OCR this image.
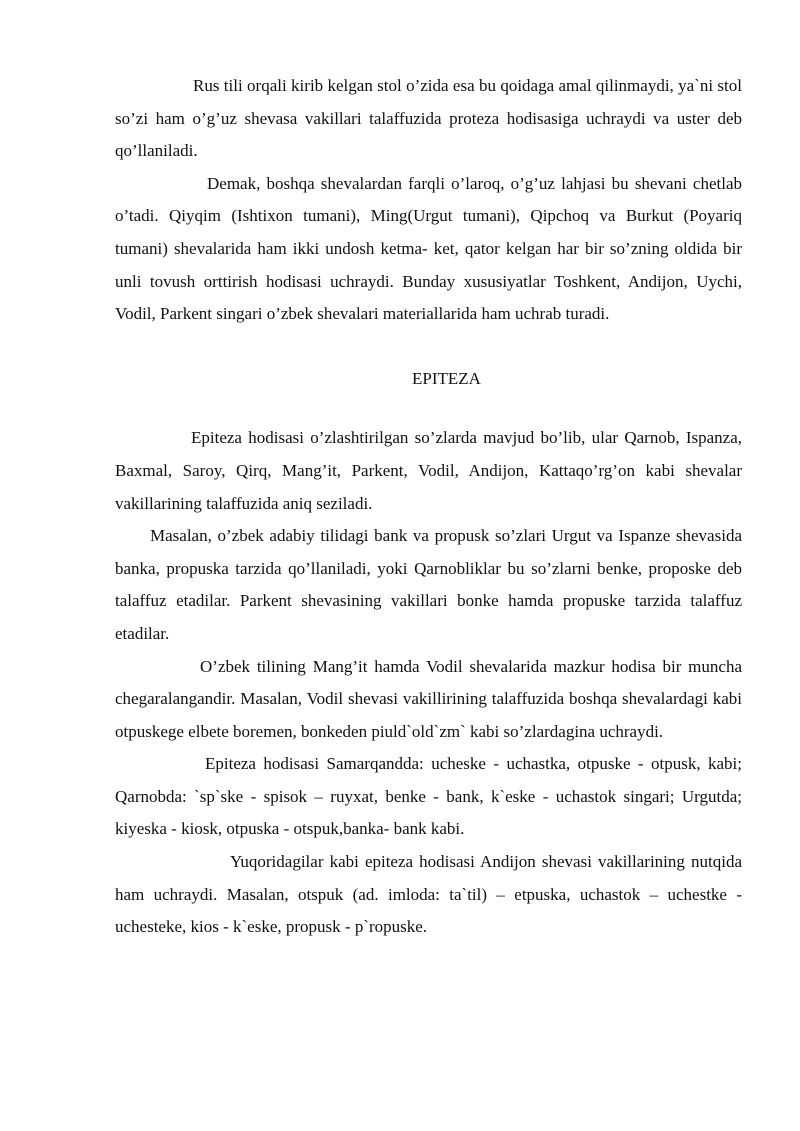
Rus tili orqali kirib kelgan stol o’zida esa bu qoidaga amal qilinmaydi, ya`ni stol so’zi ham o’g’uz shevasa vakillari talaffuzida proteza hodisasiga uchraydi va uster deb qo’llaniladi.

Demak, boshqa shevalardan farqli o’laroq, o’g’uz lahjasi bu shevani chetlab o’tadi. Qiyqim (Ishtixon tumani), Ming(Urgut tumani), Qipchoq va Burkut (Poyariq tumani) shevalarida ham ikki undosh ketma- ket, qator kelgan har bir so’zning oldida bir unli tovush orttirish hodisasi uchraydi. Bunday xususiyatlar Toshkent, Andijon, Uychi, Vodil, Parkent singari o’zbek shevalari materiallarida ham uchrab turadi.

EPITEZA

Epiteza hodisasi o’zlashtirilgan so’zlarda mavjud bo’lib, ular Qarnob, Ispanza, Baxmal, Saroy, Qirq, Mang’it, Parkent, Vodil, Andijon, Kattaqo’rg’on kabi shevalar vakillarining talaffuzida aniq seziladi.

Masalan, o’zbek adabiy tilidagi bank va propusk so’zlari Urgut va Ispanze shevasida banka, propuska tarzida qo’llaniladi, yoki Qarnobliklar bu so’zlarni benke, proposke deb talaffuz etadilar. Parkent shevasining vakillari bonke hamda propuske tarzida talaffuz etadilar.

O’zbek tilining Mang’it hamda Vodil shevalarida mazkur hodisa bir muncha chegaralangandir. Masalan, Vodil shevasi vakillirining talaffuzida boshqa shevalardagi kabi otpuskege elbete boremen, bonkeden piuld`old`zm` kabi so’zlardagina uchraydi.

Epiteza hodisasi Samarqandda: ucheske - uchastka, otpuske - otpusk, kabi; Qarnobda: `sp`ske - spisok – ruyxat, benke - bank, k`eske - uchastok singari; Urgutda; kiyeska - kiosk, otpuska - otspuk,banka- bank kabi.

Yuqoridagilar kabi epiteza hodisasi Andijon shevasi vakillarining nutqida ham uchraydi. Masalan, otspuk (ad. imloda: ta`til) – etpuska, uchastok – uchestke - uchesteke, kios - k`eske, propusk - p`ropuske.
